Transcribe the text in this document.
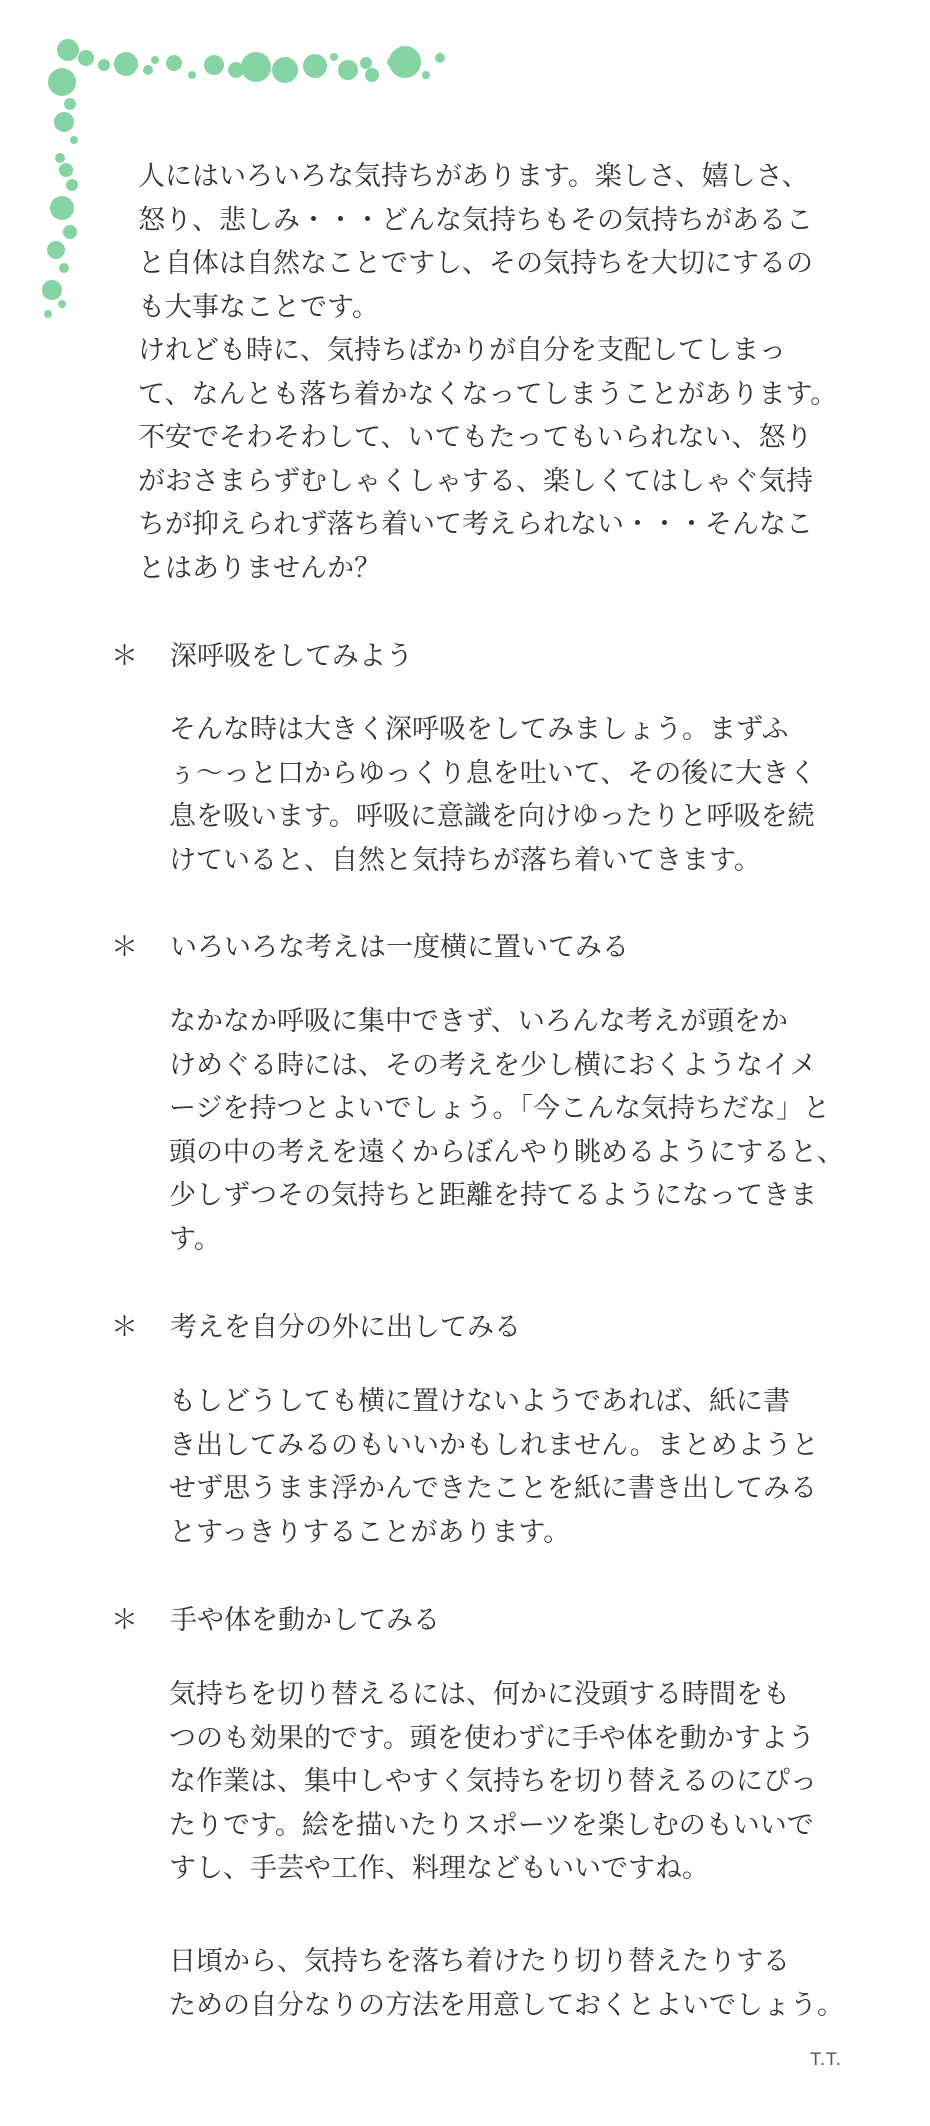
人にはいろいろな気持ちがあります。楽しさ、嬉しさ、
怒り、悲しみ・・・どんな気持ちもその気持ちがあるこ
と自体は自然なことですし、その気持ちを大切にするの
も大事なことです。

けれども時に、気持ちばかりが自分を支配してしまっ
て、なんとも落ち着かなくなってしまうことがあります。
不安でそわそわして、いてもたってもいられない、怒り
がおさまらずむしゃくしゃする、楽しくてはしゃぐ気持
ちが抑えられず落ち着いて考えられない・・・そんなこ
とはありませんか？

＊ 深呼吸をしてみよう

そんな時は大きく深呼吸をしてみましょう。まずふ
ぅ～っと口からゆっくり息を吐いて、その後に大きく
息を吸います。呼吸に意識を向けゆったりと呼吸を続
けていると、自然と気持ちが落ち着いてきます。

＊ いろいろな考えは一度横に置いてみる

なかなか呼吸に集中できず、いろんな考えが頭をか
けめぐる時には、その考えを少し横におくようなイメ
ージを持つとよいでしょう。「今こんな気持ちだな」と
頭の中の考えを遠くからぼんやり眺めるようにすると、
少しずつその気持ちと距離を持てるようになってきま
す。

＊ 考えを自分の外に出してみる

もしどうしても横に置けないようであれば、紙に書
き出してみるのもいいかもしれません。まとめようと
せず思うまま浮かんできたことを紙に書き出してみる
とすっきりすることがあります。

＊ 手や体を動かしてみる

気持ちを切り替えるには、何かに没頭する時間をも
つのも効果的です。頭を使わずに手や体を動かすよう
な作業は、集中しやすく気持ちを切り替えるのにぴっ
たりです。絵を描いたりスポーツを楽しむのもいいで
すし、手芸や工作、料理などもいいですね。

日頃から、気持ちを落ち着けたり切り替えたりする
ための自分なりの方法を用意しておくとよいでしょう。

T.T.
